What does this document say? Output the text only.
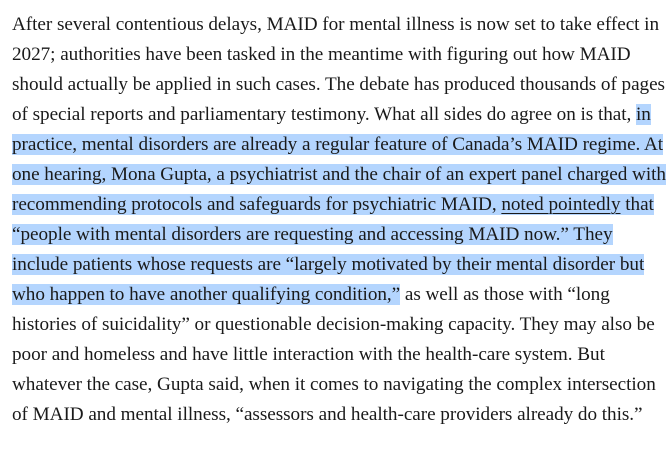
After several contentious delays, MAID for mental illness is now set to take effect in 2027; authorities have been tasked in the meantime with figuring out how MAID should actually be applied in such cases. The debate has produced thousands of pages of special reports and parliamentary testimony. What all sides do agree on is that, in practice, mental disorders are already a regular feature of Canada’s MAID regime. At one hearing, Mona Gupta, a psychiatrist and the chair of an expert panel charged with recommending protocols and safeguards for psychiatric MAID, noted pointedly that “people with mental disorders are requesting and accessing MAID now.” They include patients whose requests are “largely motivated by their mental disorder but who happen to have another qualifying condition,” as well as those with “long histories of suicidality” or questionable decision-making capacity. They may also be poor and homeless and have little interaction with the health-care system. But whatever the case, Gupta said, when it comes to navigating the complex intersection of MAID and mental illness, “assessors and health-care providers already do this.”
